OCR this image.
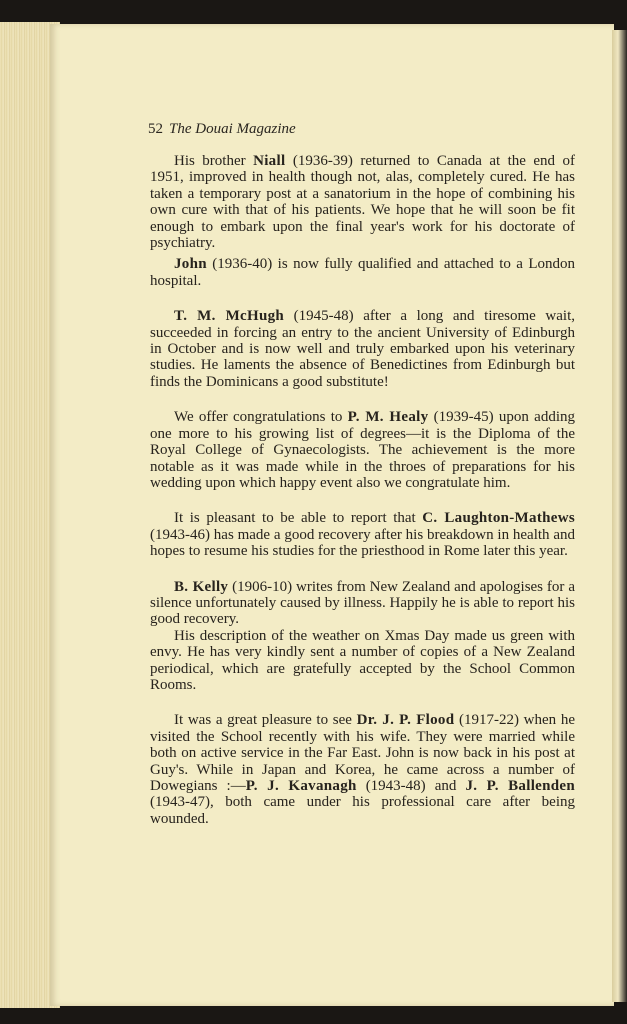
52 The Douai Magazine

His brother Niall (1936-39) returned to Canada at the end of 1951, improved in health though not, alas, completely cured. He has taken a temporary post at a sanatorium in the hope of combining his own cure with that of his patients. We hope that he will soon be fit enough to embark upon the final year's work for his doctorate of psychiatry.

John (1936-40) is now fully qualified and attached to a London hospital.

T. M. McHugh (1945-48) after a long and tiresome wait, succeeded in forcing an entry to the ancient University of Edinburgh in October and is now well and truly embarked upon his veterinary studies. He laments the absence of Benedictines from Edinburgh but finds the Dominicans a good substitute!

We offer congratulations to P. M. Healy (1939-45) upon adding one more to his growing list of degrees—it is the Diploma of the Royal College of Gynaecologists. The achievement is the more notable as it was made while in the throes of preparations for his wedding upon which happy event also we congratulate him.

It is pleasant to be able to report that C. Laughton-Mathews (1943-46) has made a good recovery after his breakdown in health and hopes to resume his studies for the priesthood in Rome later this year.

B. Kelly (1906-10) writes from New Zealand and apologises for a silence unfortunately caused by illness. Happily he is able to report his good recovery.

His description of the weather on Xmas Day made us green with envy. He has very kindly sent a number of copies of a New Zealand periodical, which are gratefully accepted by the School Common Rooms.

It was a great pleasure to see Dr. J. P. Flood (1917-22) when he visited the School recently with his wife. They were married while both on active service in the Far East. John is now back in his post at Guy's. While in Japan and Korea, he came across a number of Dowegians :—P. J. Kavanagh (1943-48) and J. P. Ballenden (1943-47), both came under his professional care after being wounded.
